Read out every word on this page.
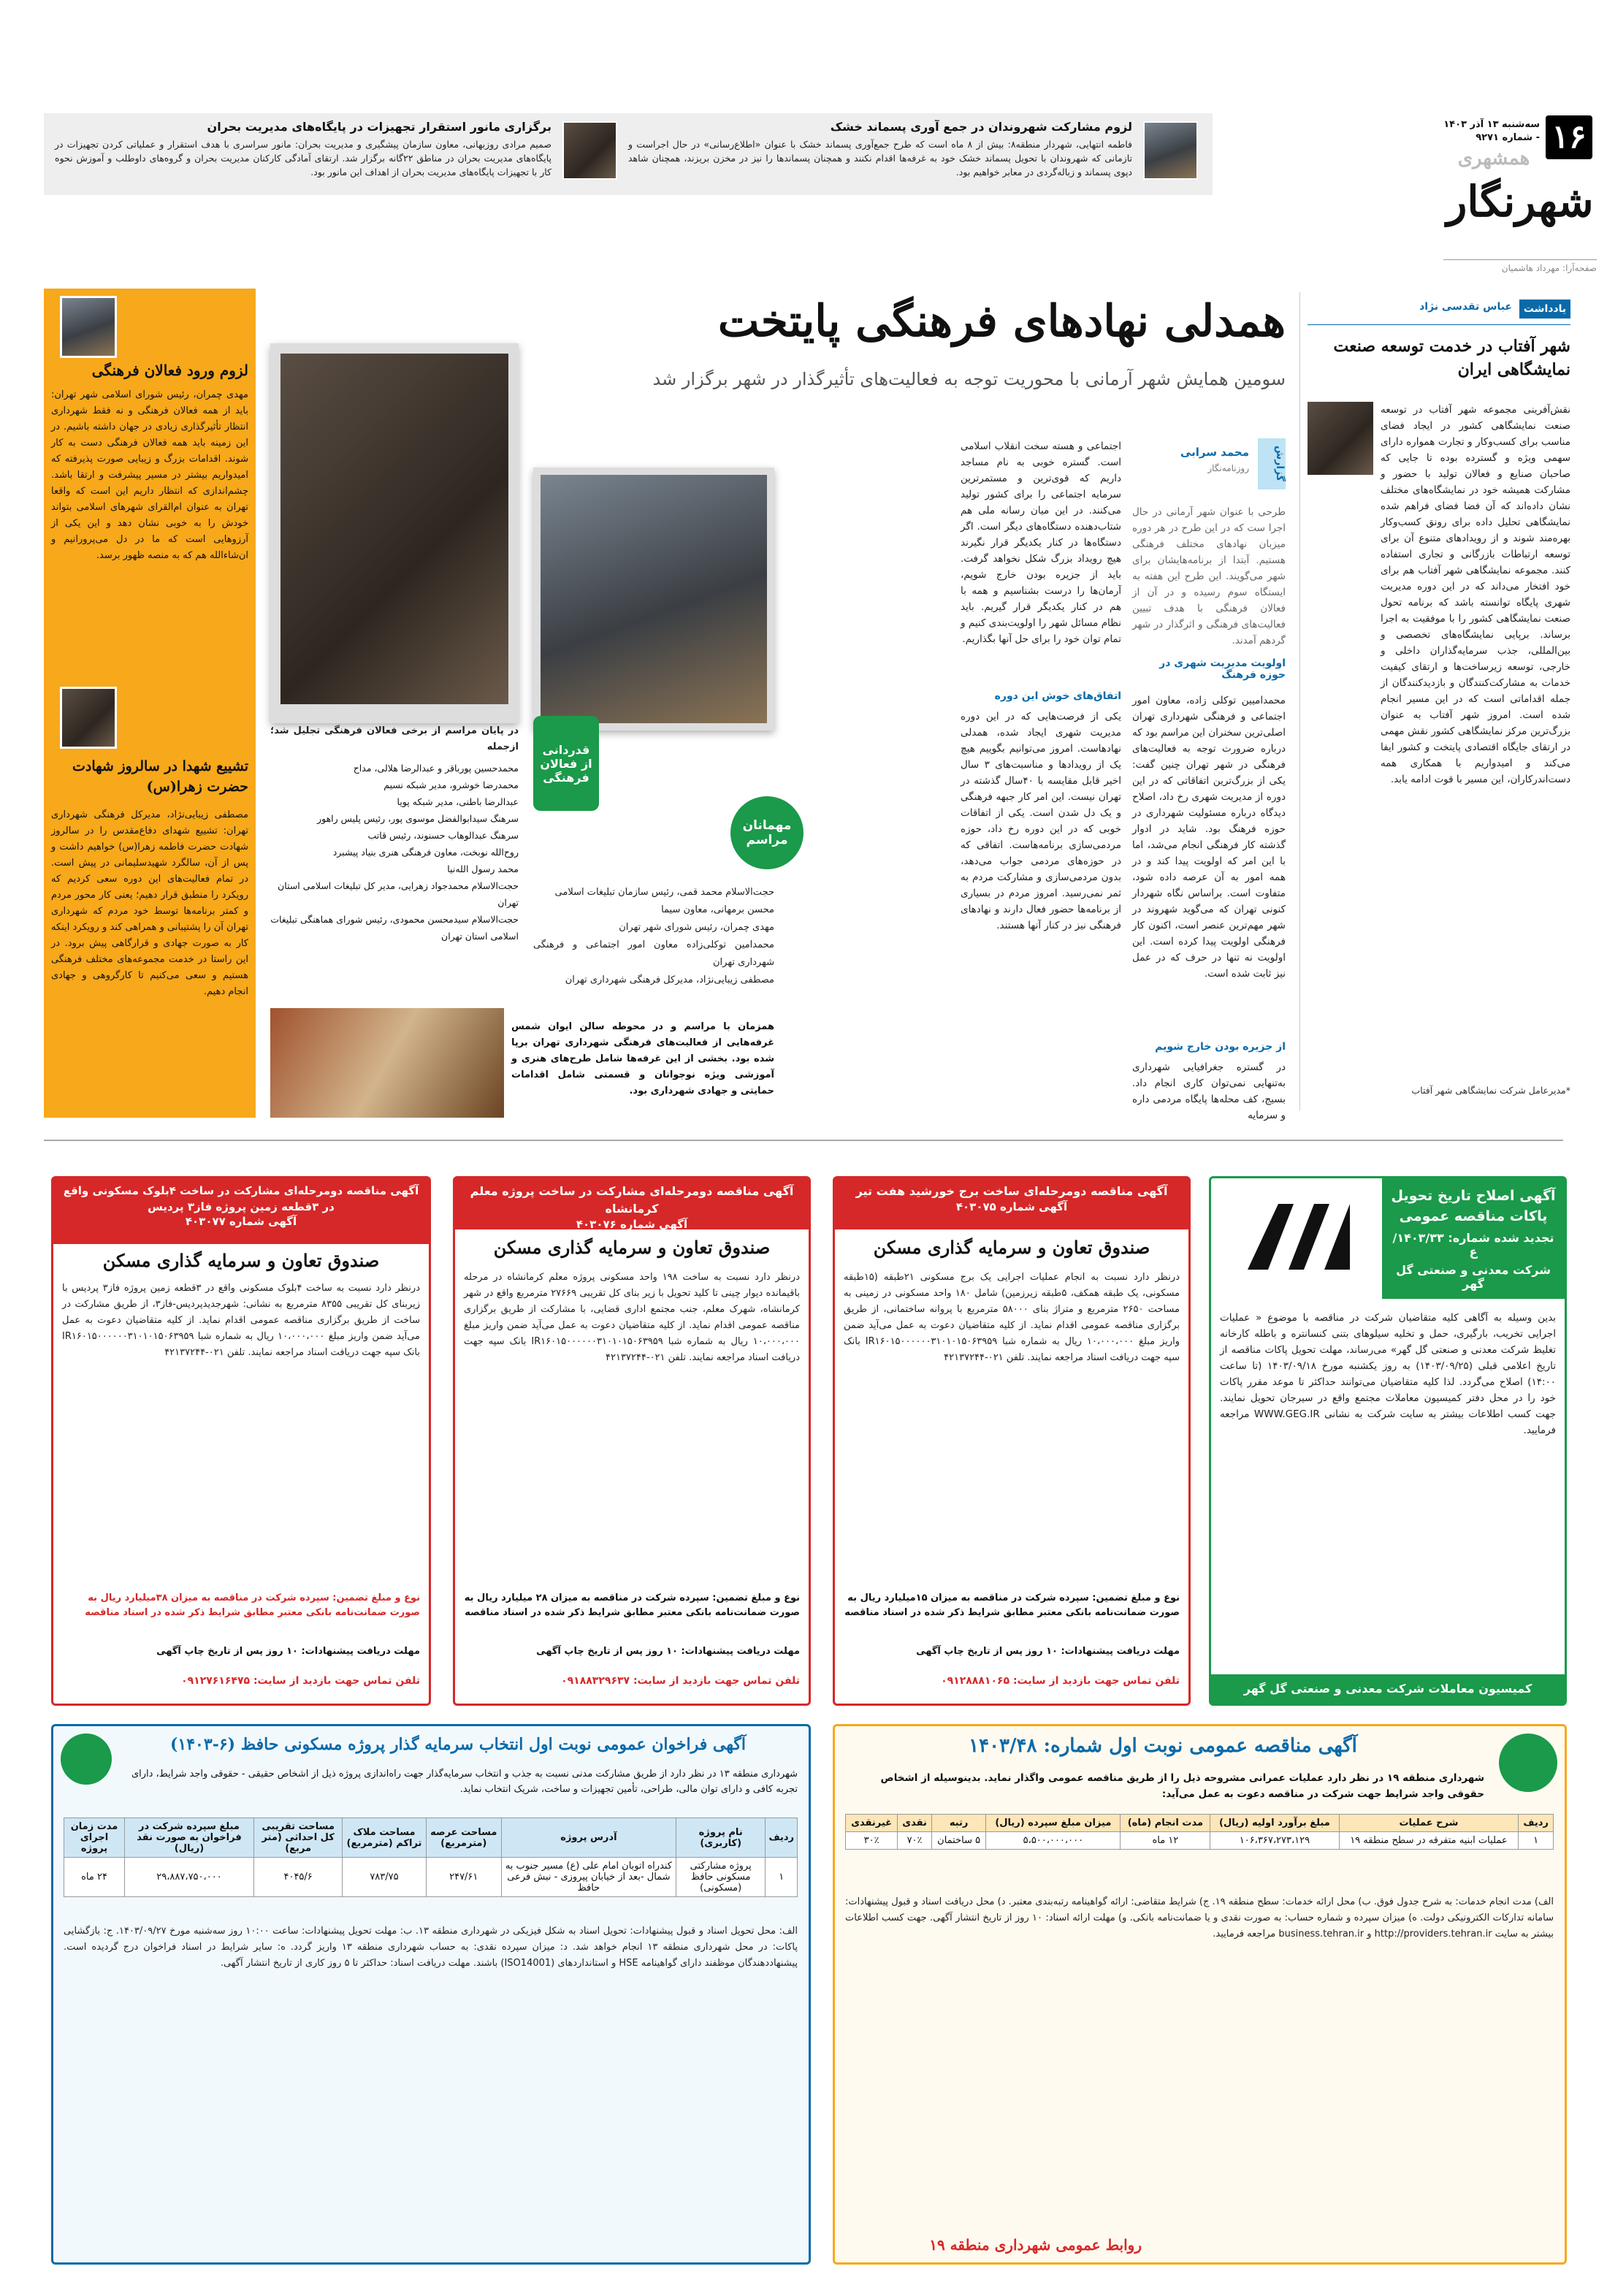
۱۶
سه‌شنبه ۱۳ آذر ۱۴۰۳ - شماره ۹۲۷۱
همشهری
شهرنگار
صفحه‌آرا: مهرداد هاشمیان
لزوم مشارکت شهروندان در جمع آوری پسماند خشک
فاطمه انتهایی، شهردار منطقه۸: بیش از ۸ ماه است که طرح جمع‌آوری پسماند خشک با عنوان «اطلاع‌رسانی» در حال اجراست و تازمانی که شهروندان با تحویل پسماند خشک خود به غرفه‌ها اقدام نکنند و همچنان پسماندها را نیز در مخزن بریزند، همچنان شاهد دپوی پسماند و زباله‌گردی در معابر خواهیم بود.
برگزاری مانور استقرار تجهیزات در پایگاه‌های مدیریت بحران
صمیم مرادی روزبهانی، معاون سازمان پیشگیری و مدیریت بحران: مانور سراسری با هدف استقرار و عملیاتی کردن تجهیزات در پایگاه‌های مدیریت بحران در مناطق ۲۲گانه برگزار شد. ارتقای آمادگی کارکنان مدیریت بحران و گروه‌های داوطلب و آموزش نحوه کار با تجهیزات پایگاه‌های مدیریت بحران از اهداف این مانور بود.
یادداشت
عباس تقدسی نژاد
شهر آفتاب در خدمت توسعه صنعت نمایشگاهی ایران
نقش‌آفرینی مجموعه شهر آفتاب در توسعه صنعت نمایشگاهی کشور در ایجاد فضای مناسب برای کسب‌وکار و تجارت همواره دارای سهمی ویژه و گسترده بوده تا جایی که صاحبان صنایع و فعالان تولید با حضور و مشارکت همیشه خود در نمایشگاه‌های مختلف نشان داده‌اند که آن فضا فضای فراهم شده نمایشگاهی تحلیل داده برای رونق کسب‌وکار بهره‌مند شوند و از رویدادهای متنوع آن برای توسعه ارتباطات بازرگانی و تجاری استفاده کنند. مجموعه نمایشگاهی شهر آفتاب هم برای خود افتخار می‌داند که در این دوره مدیریت شهری پایگاه توانسته باشد که برنامه تحول صنعت نمایشگاهی کشور را با موفقیت به اجرا برساند. برپایی نمایشگاه‌های تخصصی و بین‌المللی، جذب سرمایه‌گذاران داخلی و خارجی، توسعه زیرساخت‌ها و ارتقای کیفیت خدمات به مشارکت‌کنندگان و بازدیدکنندگان از جمله اقداماتی است که در این مسیر انجام شده است. امروز شهر آفتاب به عنوان بزرگ‌ترین مرکز نمایشگاهی کشور نقش مهمی در ارتقای جایگاه اقتصادی پایتخت و کشور ایفا می‌کند و امیدواریم با همکاری همه دست‌اندرکاران، این مسیر با قوت ادامه یابد.
*مدیرعامل شرکت نمایشگاهی شهر آفتاب
همدلی نهادهای فرهنگی پایتخت
سومین همایش شهر آرمانی با محوریت توجه به فعالیت‌های تأثیرگذار در شهر برگزار شد
گزارش
محمد سرابی
روزنامه‌نگار
طرحی با عنوان شهر آرمانی در حال اجرا ست که در این طرح در هر دوره میزبان نهادهای مختلف فرهنگی هستیم. آبتدا از برنامه‌هایشان برای شهر می‌گویند. این طرح این هفته به ایستگاه سوم رسیده و در آن از فعالان فرهنگی با هدف تبیین فعالیت‌های فرهنگی و اثرگذار در شهر گردهم آمدند.
اولویت مدیریت شهری در حوزه فرهنگ
محمدامیین توکلی زاده، معاون امور اجتماعی و فرهنگی شهرداری تهران اصلی‌ترین سخنران این مراسم بود که درباره ضرورت توجه به فعالیت‌های فرهنگی در شهر تهران چنین گفت: یکی از بزرگ‌ترین اتفاقاتی که در این دوره از مدیریت شهری رخ داد، اصلاح دیدگاه درباره مسئولیت شهرداری در حوزه فرهنگ بود. شاید در ادوار گذشته کار فرهنگی انجام می‌شد، اما با این امر که اولویت پیدا کند و در همه امور به آن عرصه داده شود، متفاوت است. براساس نگاه شهردار کنونی تهران که می‌گوید شهروند در شهر مهم‌ترین عنصر است، اکنون کار فرهنگی اولویت پیدا کرده است. این اولویت نه تنها در حرف که در عمل نیز ثابت شده است.
از جزیره بودن خارج شویم
در گستره جغرافیایی شهرداری به‌تنهایی نمی‌توان کاری انجام داد. بسیج، کف محله‌ها پایگاه مردمی داره و سرمایه
اجتماعی و هسته سخت انقلاب اسلامی است. گستره خوبی به نام مساجد داریم که قوی‌ترین و مستمرترین سرمایه اجتماعی را برای کشور تولید می‌کنند. در این میان رسانه ملی هم شتاب‌دهنده دستگاه‌های دیگر است. اگر دستگاه‌ها در کنار یکدیگر قرار نگیرند هیچ رویداد بزرگ شکل نخواهد گرفت. باید از جزیره بودن خارج شویم، آرمان‌ها را درست بشناسیم و همه با هم در کنار یکدیگر قرار گیریم. باید نظام مسائل شهر را اولویت‌بندی کنیم و تمام توان خود را برای حل آنها بگذاریم.
اتفاق‌های خوش این دوره
یکی از فرصت‌هایی که در این دوره مدیریت شهری ایجاد شده، همدلی نهادهاست. امروز می‌توانیم بگوییم هیچ یک از رویدادها و مناسبت‌های ۳ سال اخیر قابل مقایسه با ۴۰سال گذشته در تهران نیست. این امر کار جبهه فرهنگی و یک دل شدن است. یکی از اتفاقات خوبی که در این دوره رخ داد، حوزه مردمی‌سازی برنامه‌هاست. اتفاقی که در حوزه‌های مردمی جواب می‌دهد، بدون مردمی‌سازی و مشارکت مردم به ثمر نمی‌رسید. امروز مردم در بسیاری از برنامه‌ها حضور فعال دارند و نهادهای فرهنگی نیز در کنار آنها هستند.
مهمانان مراسم
حجت‌الاسلام محمد قمی، رئیس سازمان تبلیغات اسلامی
محسن برمهانی، معاون سیما
مهدی چمران، رئیس شورای شهر تهران
محمدامین توکلی‌زاده معاون امور اجتماعی و فرهنگی شهرداری تهران
مصطفی زیبایی‌نژاد، مدیرکل فرهنگی شهرداری تهران
قدردانی از فعالان فرهنگی
در پایان مراسم از برخی فعالان فرهنگی تجلیل شد؛ ازجمله
محمدحسین پورباقر و عبدالرضا هلالی، مداح
محمدرضا خوشرو، مدیر شبکه نسیم
عبدالرضا باطنی، مدیر شبکه پویا
سرهنگ سیدابوالفضل موسوی پور، رئیس پلیس راهور
سرهنگ عبدالوهاب حسنوند، رئیس قاتب
روح‌الله نوبخت، معاون فرهنگی هنری بنیاد پیشبرد
محمد رسول الله‌نیا
حجت‌الاسلام محمدجواد زهرایی، مدیر کل تبلیغات اسلامی استان تهران
حجت‌الاسلام سیدمحسن محمودی، رئیس شورای هماهنگی تبلیغات اسلامی استان تهران
همزمان با مراسم و در محوطه سالن ایوان شمس غرفه‌هایی از فعالیت‌های فرهنگی شهرداری تهران برپا شده بود. بخشی از این غرفه‌ها شامل طرح‌های هنری و آموزشی ویژه نوجوانان و قسمتی شامل اقدامات حمایتی و جهادی شهرداری بود.
لزوم ورود فعالان فرهنگی
مهدی چمران، رئیس شورای اسلامی شهر تهران: باید از همه فعالان فرهنگی و نه فقط شهرداری انتظار تأثیرگذاری زیادی در جهان داشته باشیم. در این زمینه باید همه فعالان فرهنگی دست به کار شوند. اقدامات بزرگ و زیبایی صورت پذیرفته که امیدواریم بیشتر در مسیر پیشرفت و ارتقا باشد. چشم‌اندازی که انتظار داریم این است که واقعا تهران به عنوان ام‌القرای شهرهای اسلامی بتواند خودش را به خوبی نشان دهد و این یکی از آرزوهایی است که ما در دل می‌پرورانیم و ان‌شاءالله هم که به منصه ظهور برسد.
تشییع شهدا در سالروز شهادت حضرت زهرا(س)
مصطفی زیبایی‌نژاد، مدیرکل فرهنگی شهرداری تهران: تشییع شهدای دفاع‌مقدس را در سالروز شهادت حضرت فاطمه زهرا(س) خواهیم داشت و پس از آن، سالگرد شهیدسلیمانی در پیش است. در تمام فعالیت‌های این دوره سعی کردیم که رویکرد را منطبق قرار دهیم؛ یعنی کار محور مردم و کمتر برنامه‌ها توسط خود مردم که شهرداری تهران آن را پشتیبانی و همراهی کند و رویکرد اینکه کار به صورت جهادی و قرارگاهی پیش برود. در این راستا در خدمت مجموعه‌های مختلف فرهنگی هستیم و سعی می‌کنیم تا کارگروهی و جهادی انجام دهیم.
آگهی اصلاح تاریخ تحویل پاکات مناقصه عمومی
تجدید شده شماره: ۱۴۰۳/۳۳/ع
شرکت معدنی و صنعتی گل گهر
بدین وسیله به آگاهی کلیه متقاضیان شرکت در مناقصه با موضوع « عملیات اجرایی تخریب، بارگیری، حمل و تخلیه سیلوهای بتنی کنسانتره و باطله کارخانه تغلیظ شرکت معدنی و صنعتی گل گهر» می‌رساند، مهلت تحویل پاکات مناقصه از تاریخ اعلامی قبلی (۱۴۰۳/۰۹/۲۵) به روز یکشنبه مورخ ۱۴۰۳/۰۹/۱۸ (تا ساعت ۱۴:۰۰) اصلاح می‌گردد. لذا کلیه متقاضیان می‌توانند حداکثر تا موعد مقرر پاکات خود را در محل دفتر کمیسیون معاملات مجتمع واقع در سیرجان تحویل نمایند. جهت کسب اطلاعات بیشتر به سایت شرکت به نشانی WWW.GEG.IR مراجعه فرمایید.
کمیسیون معاملات شرکت معدنی و صنعتی گل گهر
آگهی مناقصه دومرحله‌ای ساخت برج خورشید هفت تیر
آگهی شماره ۴۰۳۰۷۵
صندوق تعاون و سرمایه گذاری مسکن
درنظر دارد نسبت به انجام عملیات اجرایی یک برج مسکونی ۲۱طبقه (۱۵طبقه مسکونی، یک طبقه همکف، ۵طبقه زیرزمین) شامل ۱۸۰ واحد مسکونی در زمینی به مساحت ۲۶۵۰ مترمربع و متراژ بنای ۵۸۰۰۰ مترمربع با پروانه ساختمانی، از طریق برگزاری مناقصه عمومی اقدام نماید. از کلیه متقاضیان دعوت به عمل می‌آید ضمن واریز مبلغ ۱۰،۰۰۰،۰۰۰ ریال به شماره شبا IR۱۶۰۱۵۰۰۰۰۰۰۳۱۰۱۰۱۵۰۶۳۹۵۹ بانک سپه جهت دریافت اسناد مراجعه نمایند. تلفن ۰۲۱-۴۲۱۳۷۲۴۴
نوع و مبلغ تضمین: سپرده شرکت در مناقصه به میزان ۱۵میلیارد ریال به صورت ضمانت‌نامه بانکی معتبر مطابق شرایط ذکر شده در اسناد مناقصه
مهلت دریافت پیشنهادات: ۱۰ روز پس از تاریخ چاپ آگهی
تلفن تماس جهت بازدید از سایت: ۰۹۱۲۸۸۸۱۰۶۵
آگهی مناقصه دومرحله‌ای مشارکت در ساخت پروژه معلم کرمانشاه
آگهی شماره ۴۰۳۰۷۶
صندوق تعاون و سرمایه گذاری مسکن
درنظر دارد نسبت به ساخت ۱۹۸ واحد مسکونی پروژه معلم کرمانشاه در مرحله باقیمانده دیوار چینی تا کلید تحویل با زیر بنای کل تقریبی ۲۷۶۶۹ مترمربع واقع در شهر کرمانشاه، شهرک معلم، جنب مجتمع اداری قضایی، با مشارکت از طریق برگزاری مناقصه عمومی اقدام نماید. از کلیه متقاضیان دعوت به عمل می‌آید ضمن واریز مبلغ ۱۰،۰۰۰،۰۰۰ ریال به شماره شبا IR۱۶۰۱۵۰۰۰۰۰۰۳۱۰۱۰۱۵۰۶۳۹۵۹ بانک سپه جهت دریافت اسناد مراجعه نمایند. تلفن ۰۲۱-۴۲۱۳۷۲۴۴
نوع و مبلغ تضمین: سپرده شرکت در مناقصه به میزان ۲۸ میلیارد ریال به صورت ضمانت‌نامه بانکی معتبر مطابق شرایط ذکر شده در اسناد مناقصه
مهلت دریافت پیشنهادات: ۱۰ روز پس از تاریخ چاپ آگهی
تلفن تماس جهت بازدید از سایت: ۰۹۱۸۸۳۲۹۶۳۷
آگهی مناقصه دومرحله‌ای مشارکت در ساخت ۴بلوک مسکونی واقع در ۳قطعه زمین پروژه فاز۳ پردیس
آگهی شماره ۴۰۳۰۷۷
صندوق تعاون و سرمایه گذاری مسکن
درنظر دارد نسبت به ساخت ۴بلوک مسکونی واقع در ۳قطعه زمین پروژه فاز۳ پردیس با زیربنای کل تقریبی ۸۳۵۵ مترمربع به نشانی: شهرجدیدپردیس-فاز۳، از طریق مشارکت در ساخت از طریق برگزاری مناقصه عمومی اقدام نماید. از کلیه متقاضیان دعوت به عمل می‌آید ضمن واریز مبلغ ۱۰،۰۰۰،۰۰۰ ریال به شماره شبا IR۱۶۰۱۵۰۰۰۰۰۰۳۱۰۱۰۱۵۰۶۳۹۵۹ بانک سپه جهت دریافت اسناد مراجعه نمایند. تلفن ۰۲۱-۴۲۱۳۷۲۴۴
نوع و مبلغ تضمین: سپرده شرکت در مناقصه به میزان ۳۸میلیارد ریال به صورت ضمانت‌نامه بانکی معتبر مطابق شرایط ذکر شده در اسناد مناقصه
مهلت دریافت پیشنهادات: ۱۰ روز پس از تاریخ چاپ آگهی
تلفن تماس جهت بازدید از سایت: ۰۹۱۲۷۶۱۶۴۷۵
آگهی مناقصه عمومی نوبت اول شماره: ۱۴۰۳/۴۸
شهرداری منطقه ۱۹ در نظر دارد عملیات عمرانی مشروحه ذیل را از طریق مناقصه عمومی واگذار نماید. بدینوسیله از اشخاص حقوقی واجد شرایط جهت شرکت در مناقصه دعوت به عمل می‌آید:
ردیف	شرح عملیات	مبلغ برآورد اولیه (ریال)	مدت انجام (ماه)	میزان مبلغ سپرده (ریال)	رتبه	نقدی	غیرنقدی
۱	عملیات ابنیه متفرقه در سطح منطقه ۱۹	۱۰۶،۳۶۷،۲۷۳،۱۲۹	۱۲ ماه	۵،۵۰۰،۰۰۰،۰۰۰	۵ ساختمان	۷۰٪	۳۰٪
الف) مدت انجام خدمات: به شرح جدول فوق. ب) محل ارائه خدمات: سطح منطقه ۱۹. ج) شرایط متقاضی: ارائه گواهینامه رتبه‌بندی معتبر. د) محل دریافت اسناد و قبول پیشنهادات: سامانه تدارکات الکترونیکی دولت. ه) میزان سپرده و شماره حساب: به صورت نقدی و یا ضمانت‌نامه بانکی. و) مهلت ارائه اسناد: ۱۰ روز از تاریخ انتشار آگهی. جهت کسب اطلاعات بیشتر به سایت http://providers.tehran.ir و business.tehran.ir مراجعه فرمایید.
روابط عمومی شهرداری منطقه ۱۹
آگهی فراخوان عمومی نوبت اول انتخاب سرمایه گذار پروژه مسکونی حافظ (۶-۱۴۰۳)
شهرداری منطقه ۱۳ در نظر دارد از طریق مشارکت مدنی نسبت به جذب و انتخاب سرمایه‌گذار جهت راه‌اندازی پروژه ذیل از اشخاص حقیقی - حقوقی واجد شرایط، دارای تجربه کافی و دارای توان مالی، طراحی، تأمین تجهیزات و ساخت، شریک انتخاب نماید.
ردیف	نام پروژه (کاربری)	آدرس پروژه	مساحت عرصه (مترمربع)	مساحت ملاک تراکم (مترمربع)	مساحت تقریبی کل احداثی (متر مربع)	مبلغ سپرده شرکت در فراخوان به صورت نقد (ریال)	مدت زمان اجرای پروژه
۱	پروژه مشارکتی مسکونی حافظ (مسکونی)	کندراه اتوبان امام علی (ع) مسیر جنوب به شمال -بعد از خیابان پیروزی - نبش فرعی حافظ	۲۴۷/۶۱	۷۸۳/۷۵	۴۰۴۵/۶	۲۹،۸۸۷،۷۵۰،۰۰۰	۲۴ ماه
الف: محل تحویل اسناد و قبول پیشنهادات: تحویل اسناد به شکل فیزیکی در شهرداری منطقه ۱۳. ب: مهلت تحویل پیشنهادات: ساعت ۱۰:۰۰ روز سه‌شنبه مورخ ۱۴۰۳/۰۹/۲۷. ج: بازگشایی پاکات: در محل شهرداری منطقه ۱۳ انجام خواهد شد. د: میزان سپرده نقدی: به حساب شهرداری منطقه ۱۳ واریز گردد. ه: سایر شرایط در اسناد فراخوان درج گردیده است. پیشنهاددهندگان موظفند دارای گواهینامه HSE و استانداردهای (ISO14001) باشند. مهلت دریافت اسناد: حداکثر تا ۵ روز کاری از تاریخ انتشار آگهی.
